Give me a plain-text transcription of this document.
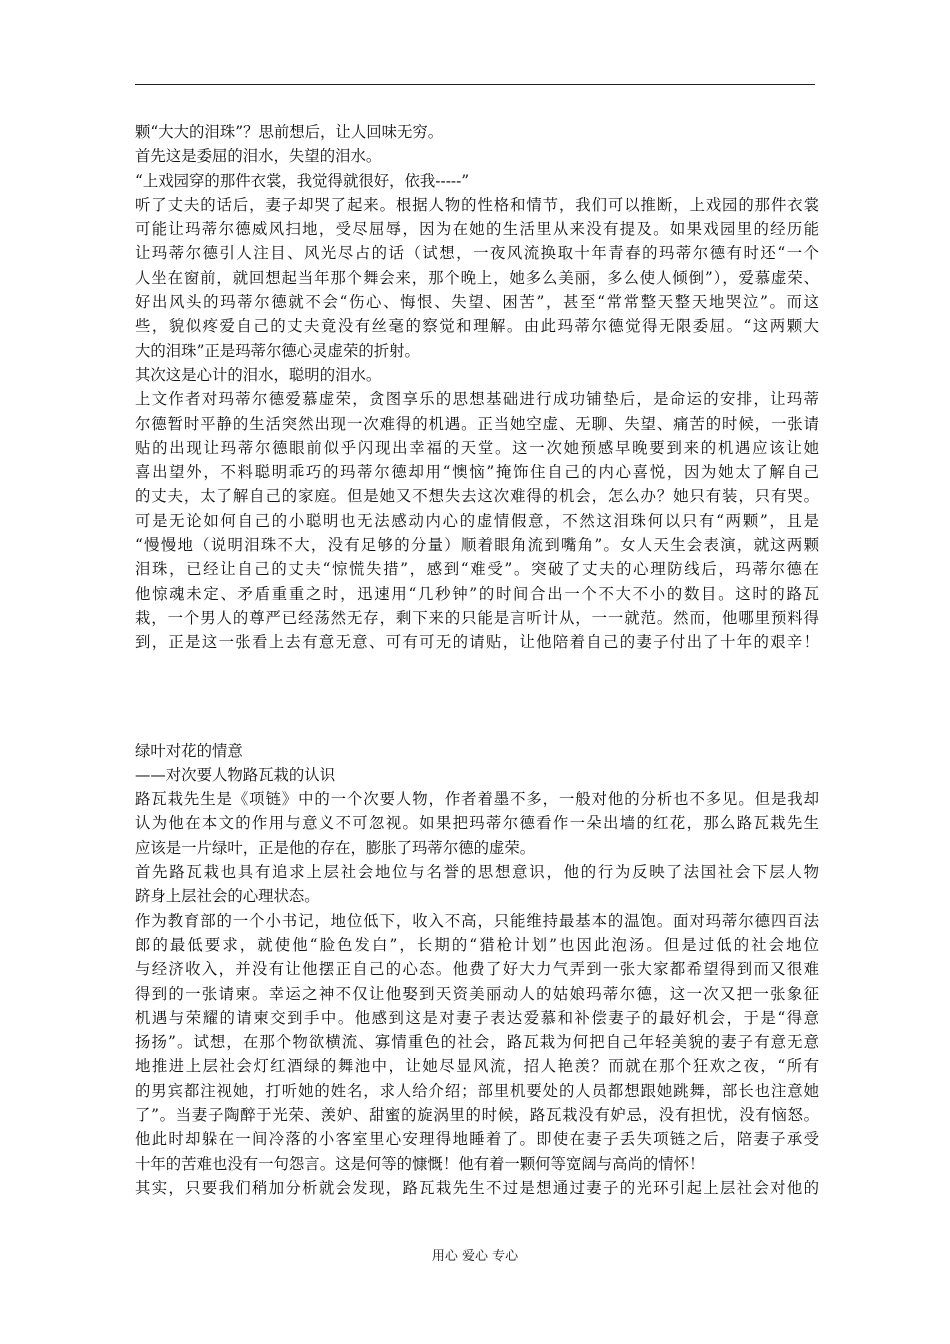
颗“大大的泪珠”？思前想后，让人回味无穷。
首先这是委屈的泪水，失望的泪水。
“上戏园穿的那件衣裳，我觉得就很好，依我-----”
听了丈夫的话后，妻子却哭了起来。根据人物的性格和情节，我们可以推断，上戏园的那件衣裳
可能让玛蒂尔德威风扫地，受尽屈辱，因为在她的生活里从来没有提及。如果戏园里的经历能
让玛蒂尔德引人注目、风光尽占的话（试想，一夜风流换取十年青春的玛蒂尔德有时还“一个
人坐在窗前，就回想起当年那个舞会来，那个晚上，她多么美丽，多么使人倾倒”），爱慕虚荣、
好出风头的玛蒂尔德就不会“伤心、悔恨、失望、困苦”，甚至“常常整天整天地哭泣”。而这
些，貌似疼爱自己的丈夫竟没有丝毫的察觉和理解。由此玛蒂尔德觉得无限委屈。“这两颗大
大的泪珠”正是玛蒂尔德心灵虚荣的折射。
其次这是心计的泪水，聪明的泪水。
上文作者对玛蒂尔德爱慕虚荣，贪图享乐的思想基础进行成功铺垫后，是命运的安排，让玛蒂
尔德暂时平静的生活突然出现一次难得的机遇。正当她空虚、无聊、失望、痛苦的时候，一张请
贴的出现让玛蒂尔德眼前似乎闪现出幸福的天堂。这一次她预感早晚要到来的机遇应该让她
喜出望外，不料聪明乖巧的玛蒂尔德却用“懊恼”掩饰住自己的内心喜悦，因为她太了解自己
的丈夫，太了解自己的家庭。但是她又不想失去这次难得的机会，怎么办？她只有装，只有哭。
可是无论如何自己的小聪明也无法感动内心的虚情假意，不然这泪珠何以只有“两颗”，且是
“慢慢地（说明泪珠不大，没有足够的分量）顺着眼角流到嘴角”。女人天生会表演，就这两颗
泪珠，已经让自己的丈夫“惊慌失措”，感到“难受”。突破了丈夫的心理防线后，玛蒂尔德在
他惊魂未定、矛盾重重之时，迅速用“几秒钟”的时间合出一个不大不小的数目。这时的路瓦
栽，一个男人的尊严已经荡然无存，剩下来的只能是言听计从，一一就范。然而，他哪里预料得
到，正是这一张看上去有意无意、可有可无的请贴，让他陪着自己的妻子付出了十年的艰辛！
绿叶对花的情意
——对次要人物路瓦栽的认识
路瓦栽先生是《项链》中的一个次要人物，作者着墨不多，一般对他的分析也不多见。但是我却
认为他在本文的作用与意义不可忽视。如果把玛蒂尔德看作一朵出墙的红花，那么路瓦栽先生
应该是一片绿叶，正是他的存在，膨胀了玛蒂尔德的虚荣。
首先路瓦栽也具有追求上层社会地位与名誉的思想意识，他的行为反映了法国社会下层人物
跻身上层社会的心理状态。
作为教育部的一个小书记，地位低下，收入不高，只能维持最基本的温饱。面对玛蒂尔德四百法
郎的最低要求，就使他“脸色发白”，长期的“猎枪计划”也因此泡汤。但是过低的社会地位
与经济收入，并没有让他摆正自己的心态。他费了好大力气弄到一张大家都希望得到而又很难
得到的一张请柬。幸运之神不仅让他娶到天资美丽动人的姑娘玛蒂尔德，这一次又把一张象征
机遇与荣耀的请柬交到手中。他感到这是对妻子表达爱慕和补偿妻子的最好机会，于是“得意
扬扬”。试想，在那个物欲横流、寡情重色的社会，路瓦栽为何把自己年轻美貌的妻子有意无意
地推进上层社会灯红酒绿的舞池中，让她尽显风流，招人艳羡？而就在那个狂欢之夜，“所有
的男宾都注视她，打听她的姓名，求人给介绍；部里机要处的人员都想跟她跳舞，部长也注意她
了”。当妻子陶醉于光荣、羡妒、甜蜜的旋涡里的时候，路瓦栽没有妒忌，没有担忧，没有恼怒。
他此时却躲在一间冷落的小客室里心安理得地睡着了。即使在妻子丢失项链之后，陪妻子承受
十年的苦难也没有一句怨言。这是何等的慷慨！他有着一颗何等宽阔与高尚的情怀！
其实，只要我们稍加分析就会发现，路瓦栽先生不过是想通过妻子的光环引起上层社会对他的
用心 爱心 专心
